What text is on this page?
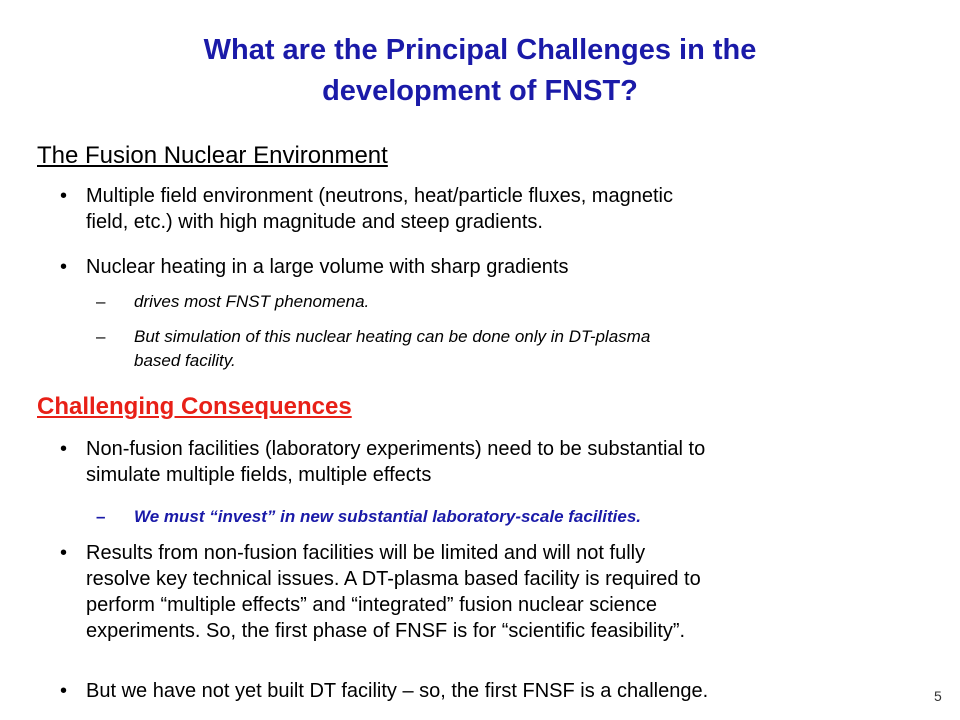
What are the Principal Challenges in the
development of FNST?
The Fusion Nuclear Environment
• Multiple field environment (neutrons, heat/particle fluxes, magnetic
field, etc.) with high magnitude and steep gradients.
• Nuclear heating in a large volume with sharp gradients
– drives most FNST phenomena.
– But simulation of this nuclear heating can be done only in DT-plasma
based facility.
Challenging Consequences
• Non-fusion facilities (laboratory experiments) need to be substantial to
simulate multiple fields, multiple effects
– We must “invest” in new substantial laboratory-scale facilities.
• Results from non-fusion facilities will be limited and will not fully
resolve key technical issues. A DT-plasma based facility is required to
perform “multiple effects” and “integrated” fusion nuclear science
experiments. So, the first phase of FNSF is for “scientific feasibility”.
• But we have not yet built DT facility – so, the first FNSF is a challenge.	5
